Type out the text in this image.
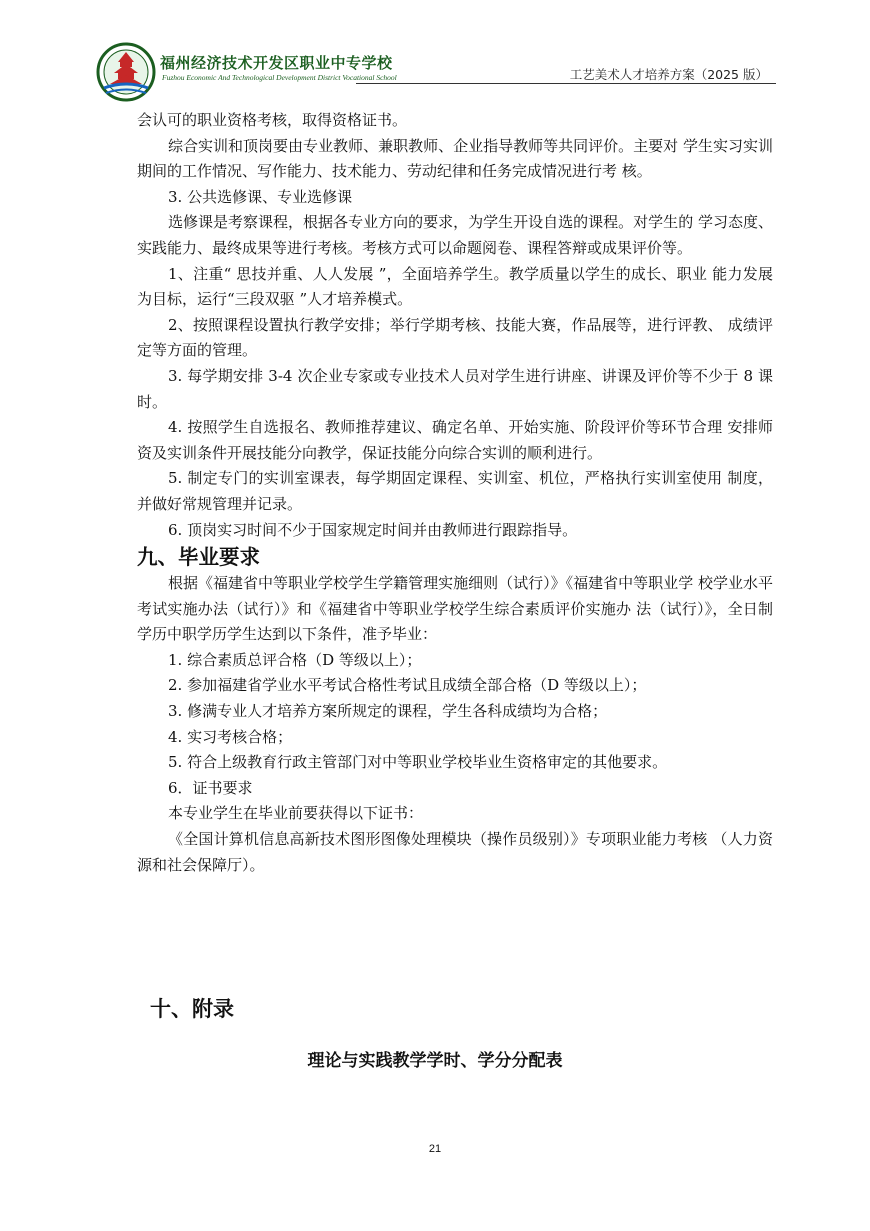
福州经济技术开发区职业中专学校
Fuzhou Economic And Technological Development District Vocational School	工艺美术人才培养方案（2025 版）

会认可的职业资格考核，取得资格证书。

综合实训和顶岗要由专业教师、兼职教师、企业指导教师等共同评价。主要对 学生实习实训期间的工作情况、写作能力、技术能力、劳动纪律和任务完成情况进行考 核。

3. 公共选修课、专业选修课

选修课是考察课程，根据各专业方向的要求，为学生开设自选的课程。对学生的 学习态度、实践能力、最终成果等进行考核。考核方式可以命题阅卷、课程答辩或成果评价等。

1、注重“ 思技并重、人人发展 ”，全面培养学生。教学质量以学生的成长、职业 能力发展为目标，运行“三段双驱 ”人才培养模式。

2、按照课程设置执行教学安排；举行学期考核、技能大赛，作品展等，进行评教、 成绩评定等方面的管理。

3. 每学期安排 3-4 次企业专家或专业技术人员对学生进行讲座、讲课及评价等不少于 8 课时。

4. 按照学生自选报名、教师推荐建议、确定名单、开始实施、阶段评价等环节合理 安排师资及实训条件开展技能分向教学，保证技能分向综合实训的顺利进行。

5. 制定专门的实训室课表，每学期固定课程、实训室、机位，严格执行实训室使用 制度，并做好常规管理并记录。

6. 顶岗实习时间不少于国家规定时间并由教师进行跟踪指导。

九、毕业要求

根据《福建省中等职业学校学生学籍管理实施细则（试行）》《福建省中等职业学 校学业水平考试实施办法（试行）》和《福建省中等职业学校学生综合素质评价实施办 法（试行）》，全日制学历中职学历学生达到以下条件，准予毕业：

1. 综合素质总评合格（D 等级以上）；

2. 参加福建省学业水平考试合格性考试且成绩全部合格（D 等级以上）；

3. 修满专业人才培养方案所规定的课程，学生各科成绩均为合格；

4. 实习考核合格；

5. 符合上级教育行政主管部门对中等职业学校毕业生资格审定的其他要求。

6．证书要求

本专业学生在毕业前要获得以下证书：

《全国计算机信息高新技术图形图像处理模块（操作员级别）》专项职业能力考核 （人力资源和社会保障厅）。

十、附录
理论与实践教学学时、学分分配表
21
